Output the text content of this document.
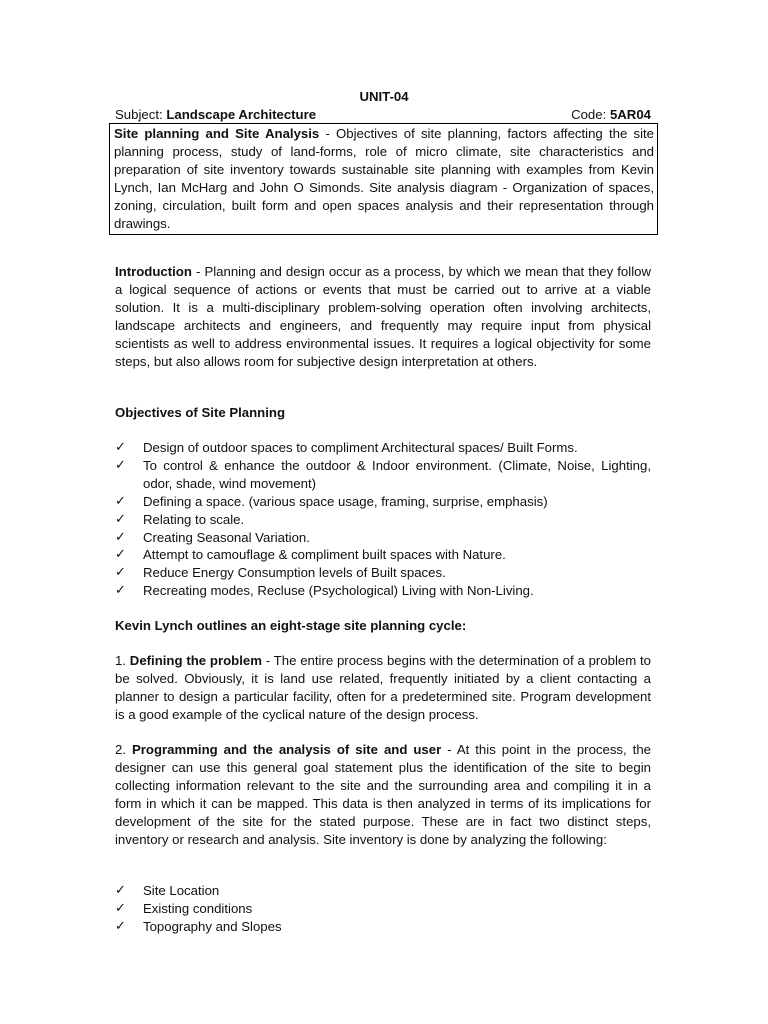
UNIT-04
Subject: Landscape Architecture	Code: 5AR04
Site planning and Site Analysis - Objectives of site planning, factors affecting the site planning process, study of land-forms, role of micro climate, site characteristics and preparation of site inventory towards sustainable site planning with examples from Kevin Lynch, Ian McHarg and John O Simonds. Site analysis diagram - Organization of spaces, zoning, circulation, built form and open spaces analysis and their representation through drawings.
Introduction - Planning and design occur as a process, by which we mean that they follow a logical sequence of actions or events that must be carried out to arrive at a viable solution. It is a multi-disciplinary problem-solving operation often involving architects, landscape architects and engineers, and frequently may require input from physical scientists as well to address environmental issues. It requires a logical objectivity for some steps, but also allows room for subjective design interpretation at others.
Objectives of Site Planning
✓ Design of outdoor spaces to compliment Architectural spaces/ Built Forms.
✓ To control & enhance the outdoor & Indoor environment. (Climate, Noise, Lighting, odor, shade, wind movement)
✓ Defining a space. (various space usage, framing, surprise, emphasis)
✓ Relating to scale.
✓ Creating Seasonal Variation.
✓ Attempt to camouflage & compliment built spaces with Nature.
✓ Reduce Energy Consumption levels of Built spaces.
✓ Recreating modes, Recluse (Psychological) Living with Non-Living.
Kevin Lynch outlines an eight-stage site planning cycle:
1. Defining the problem - The entire process begins with the determination of a problem to be solved. Obviously, it is land use related, frequently initiated by a client contacting a planner to design a particular facility, often for a predetermined site. Program development is a good example of the cyclical nature of the design process.
2. Programming and the analysis of site and user - At this point in the process, the designer can use this general goal statement plus the identification of the site to begin collecting information relevant to the site and the surrounding area and compiling it in a form in which it can be mapped. This data is then analyzed in terms of its implications for development of the site for the stated purpose. These are in fact two distinct steps, inventory or research and analysis. Site inventory is done by analyzing the following:
✓ Site Location
✓ Existing conditions
✓ Topography and Slopes
